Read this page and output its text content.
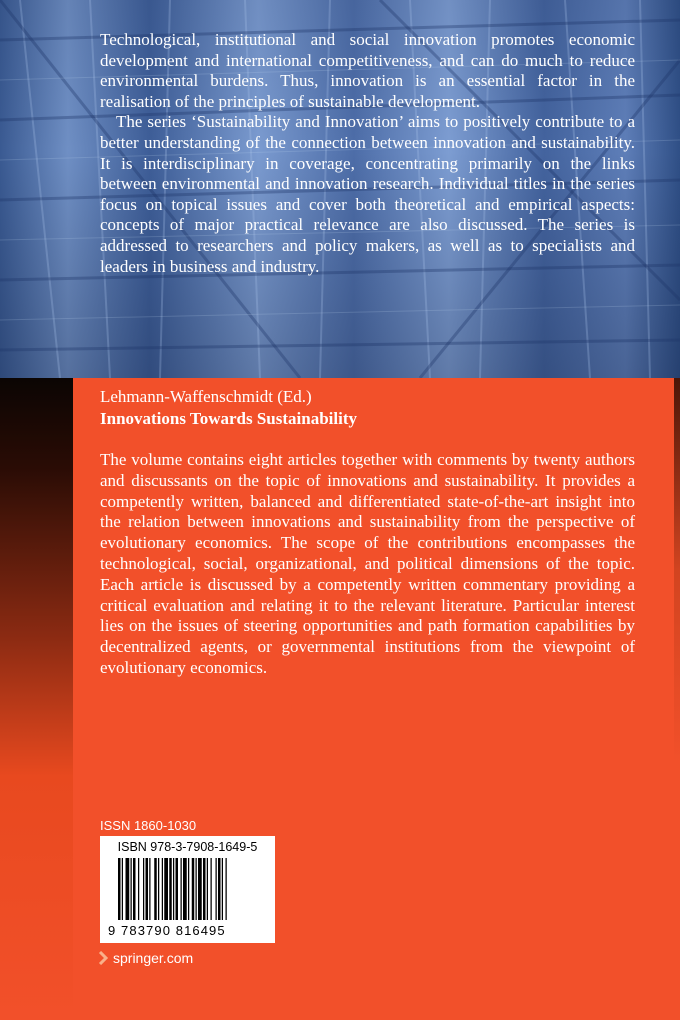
Technological, institutional and social innovation promotes economic development and international competitiveness, and can do much to reduce environmental burdens. Thus, innovation is an essential factor in the realisation of the principles of sustainable development.

The series ‘Sustainability and Innovation’ aims to positively contribute to a better understanding of the connection between innovation and sustainability. It is interdisciplinary in coverage, concentrating primarily on the links between environmental and innovation research. Individual titles in the series focus on topical issues and cover both theoretical and empirical aspects: concepts of major practical relevance are also discussed. The series is addressed to researchers and policy makers, as well as to specialists and leaders in business and industry.

Lehmann-Waffenschmidt (Ed.)
Innovations Towards Sustainability

The volume contains eight articles together with comments by twenty authors and discussants on the topic of innovations and sustainability. It provides a competently written, balanced and differentiated state-of-the-art insight into the relation between innovations and sustainability from the perspective of evolutionary economics. The scope of the contributions encompasses the technological, social, organizational, and political dimensions of the topic. Each article is discussed by a competently written commentary providing a critical evaluation and relating it to the relevant literature. Particular interest lies on the issues of steering opportunities and path formation capabilities by decentralized agents, or governmental institutions from the viewpoint of evolutionary economics.

ISSN 1860-1030
ISBN 978-3-7908-1649-5
9 783790 816495
springer.com
